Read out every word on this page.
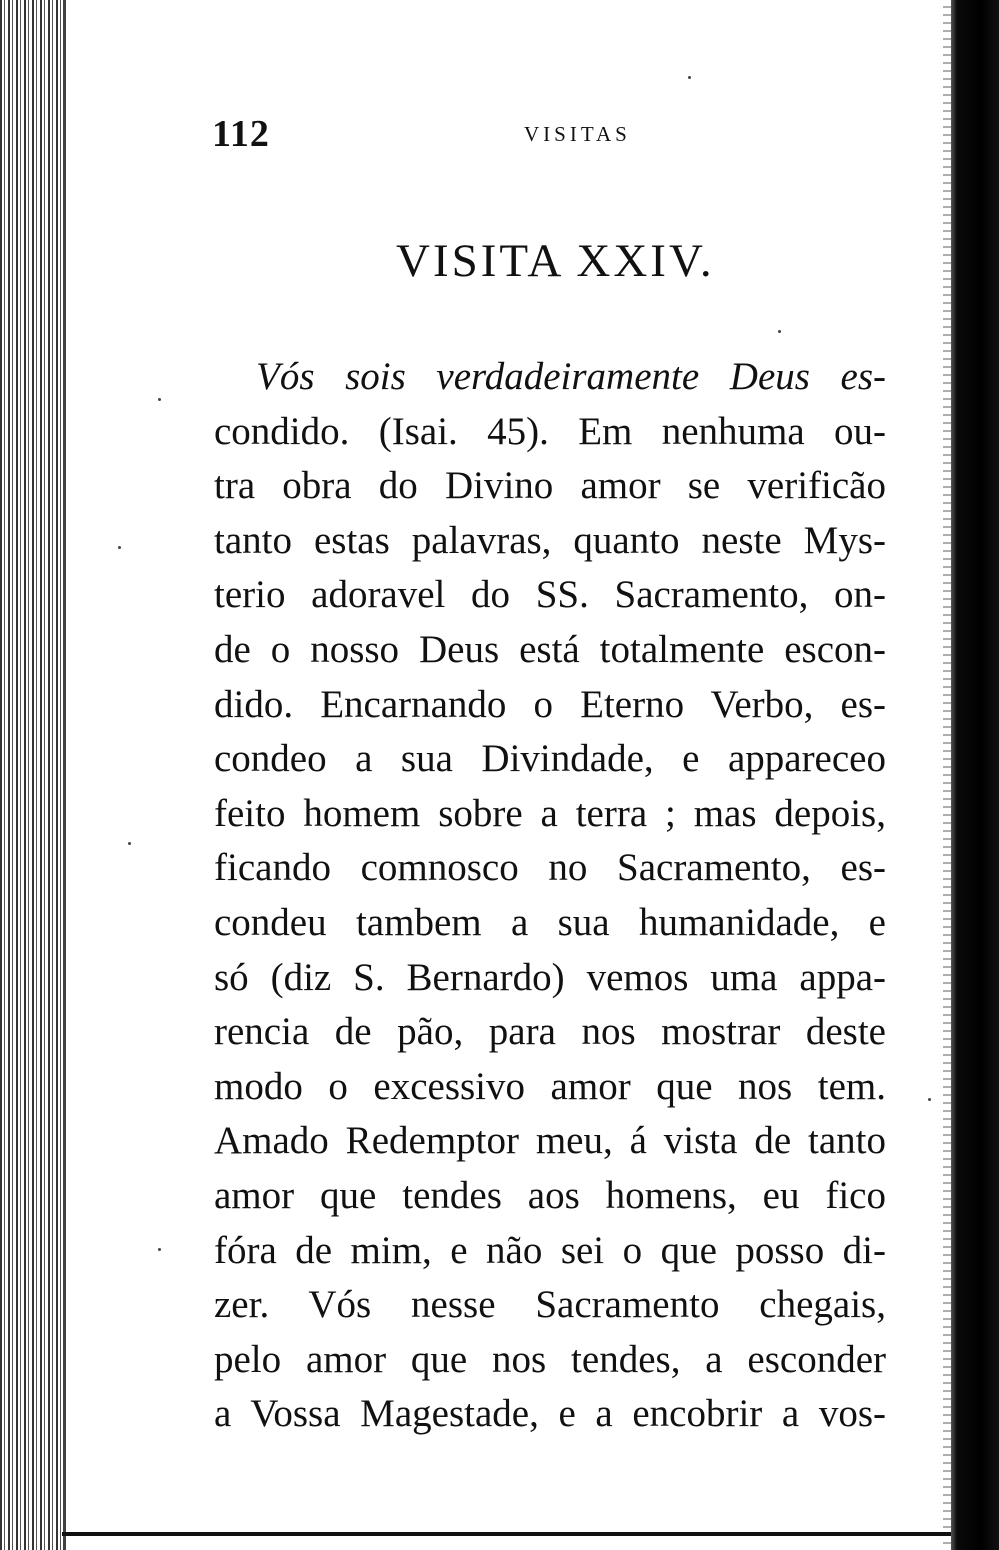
112	VISITAS
VISITA XXIV.
Vós sois verdadeiramente Deus es-
condido. (Isai. 45). Em nenhuma ou-
tra obra do Divino amor se verificão
tanto estas palavras, quanto neste Mys-
terio adoravel do SS. Sacramento, on-
de o nosso Deus está totalmente escon-
dido. Encarnando o Eterno Verbo, es-
condeo a sua Divindade, e appareceo
feito homem sobre a terra ; mas depois,
ficando comnosco no Sacramento, es-
condeu tambem a sua humanidade, e
só (diz S. Bernardo) vemos uma appa-
rencia de pão, para nos mostrar deste
modo o excessivo amor que nos tem.
Amado Redemptor meu, á vista de tanto
amor que tendes aos homens, eu fico
fóra de mim, e não sei o que posso di-
zer. Vós nesse Sacramento chegais,
pelo amor que nos tendes, a esconder
a Vossa Magestade, e a encobrir a vos-
